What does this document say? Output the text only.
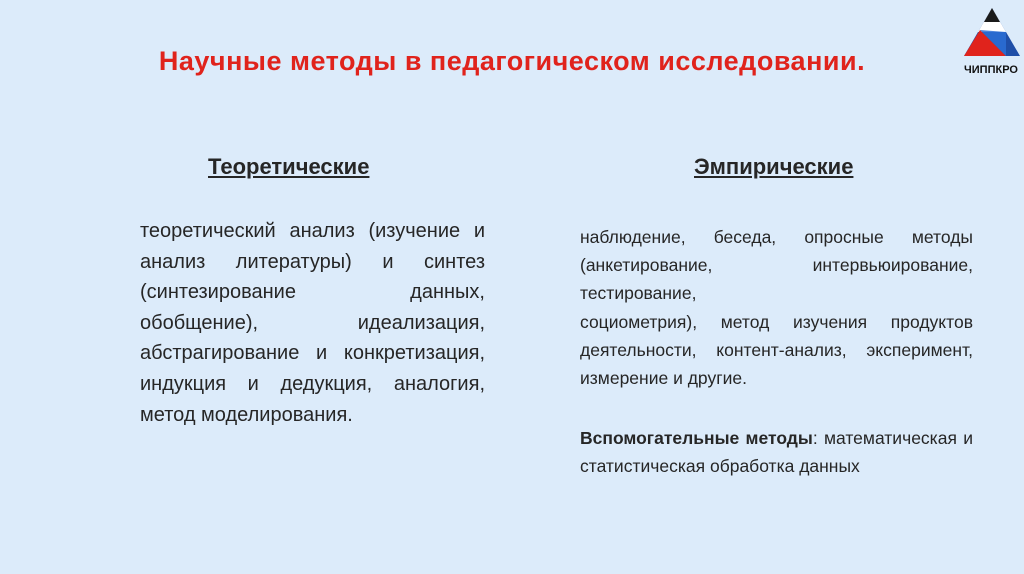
Научные методы в педагогическом исследовании.	ЧИППКРО
Теоретические	Эмпирические
теоретический анализ (изучение и анализ литературы) и синтез (синтезирование данных, обобщение), идеализация, абстрагирование и конкретизация, индукция и дедукция, аналогия, метод моделирования.
наблюдение, беседа, опросные методы (анкетирование, интервьюирование, тестирование,
социометрия), метод изучения продуктов деятельности, контент-анализ, эксперимент, измерение и другие.
Вспомогательные методы: математическая и статистическая обработка данных
